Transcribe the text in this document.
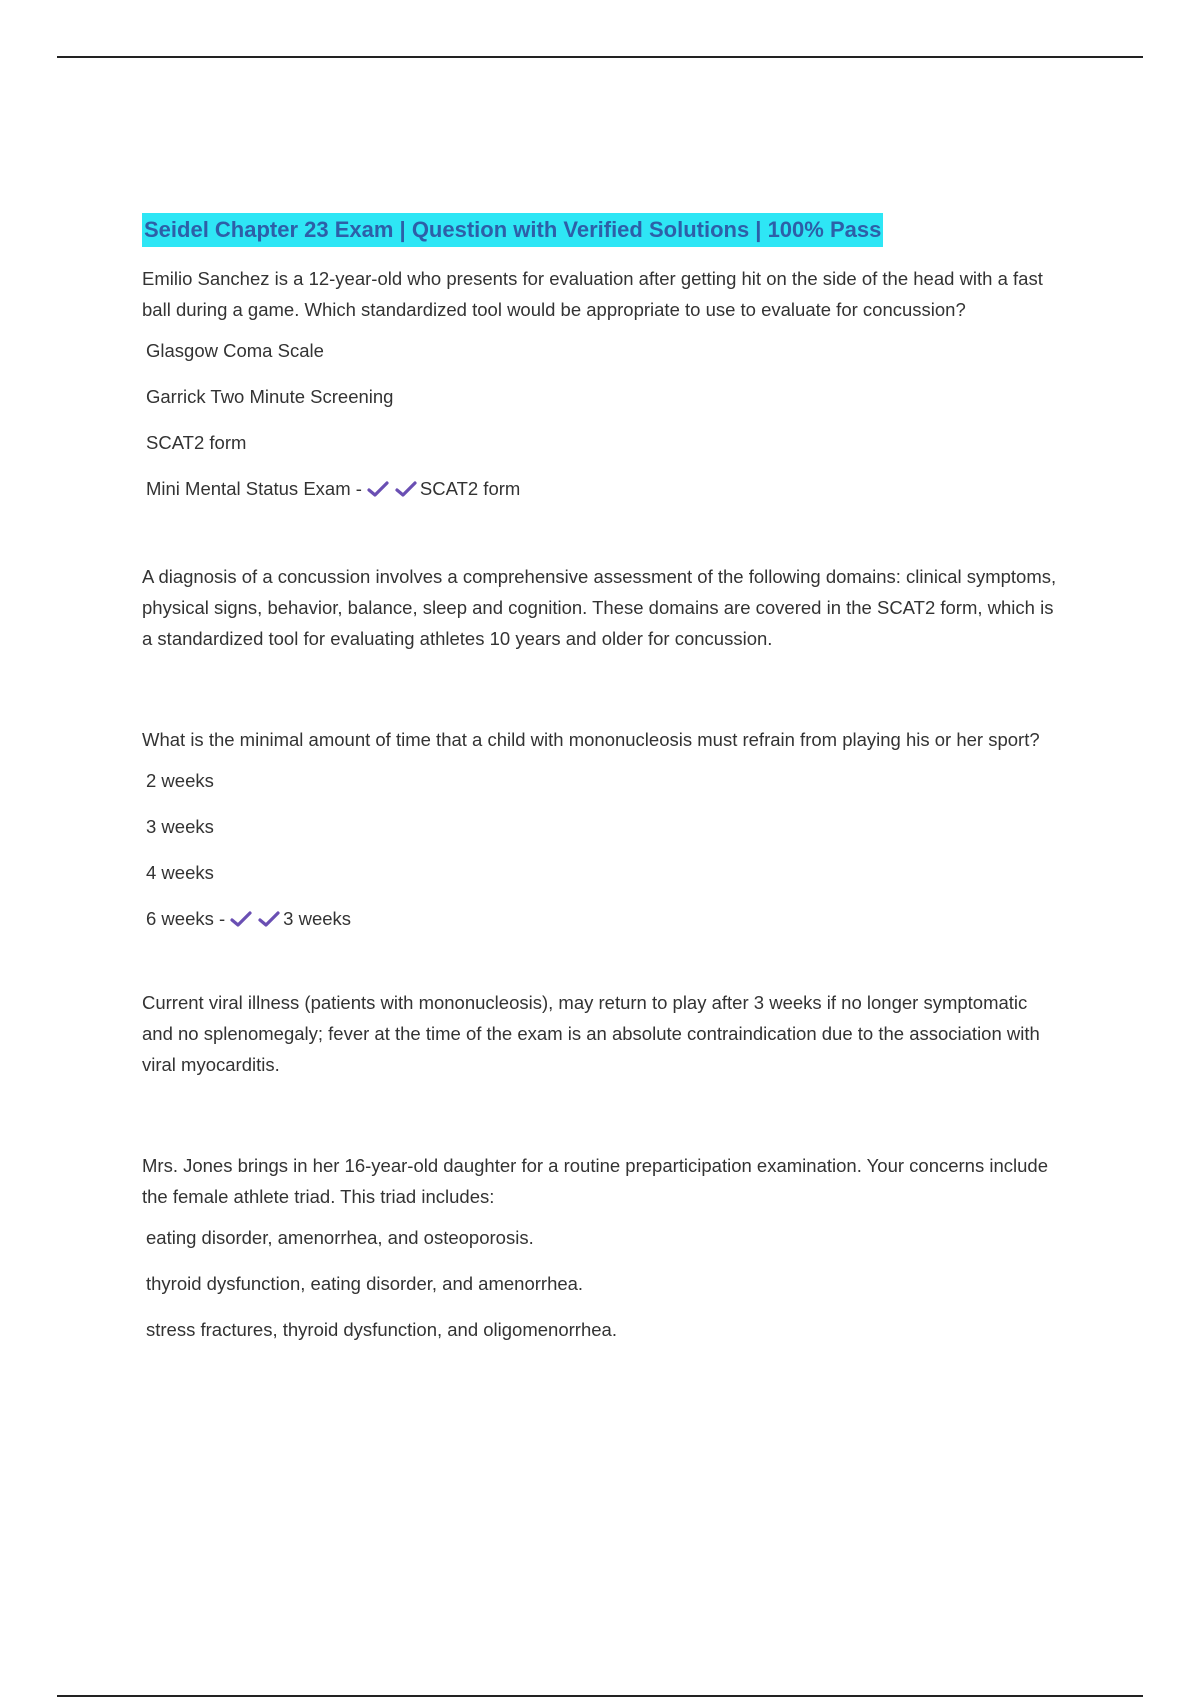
Seidel Chapter 23 Exam | Question with Verified Solutions | 100% Pass

Emilio Sanchez is a 12-year-old who presents for evaluation after getting hit on the side of the head with a fast ball during a game. Which standardized tool would be appropriate to use to evaluate for concussion?

Glasgow Coma Scale
Garrick Two Minute Screening
SCAT2 form
Mini Mental Status Exam -	SCAT2 form

A diagnosis of a concussion involves a comprehensive assessment of the following domains: clinical symptoms, physical signs, behavior, balance, sleep and cognition. These domains are covered in the SCAT2 form, which is a standardized tool for evaluating athletes 10 years and older for concussion.

What is the minimal amount of time that a child with mononucleosis must refrain from playing his or her sport?

2 weeks
3 weeks
4 weeks
6 weeks -	3 weeks

Current viral illness (patients with mononucleosis), may return to play after 3 weeks if no longer symptomatic and no splenomegaly; fever at the time of the exam is an absolute contraindication due to the association with viral myocarditis.

Mrs. Jones brings in her 16-year-old daughter for a routine preparticipation examination. Your concerns include the female athlete triad. This triad includes:

eating disorder, amenorrhea, and osteoporosis.
thyroid dysfunction, eating disorder, and amenorrhea.
stress fractures, thyroid dysfunction, and oligomenorrhea.
